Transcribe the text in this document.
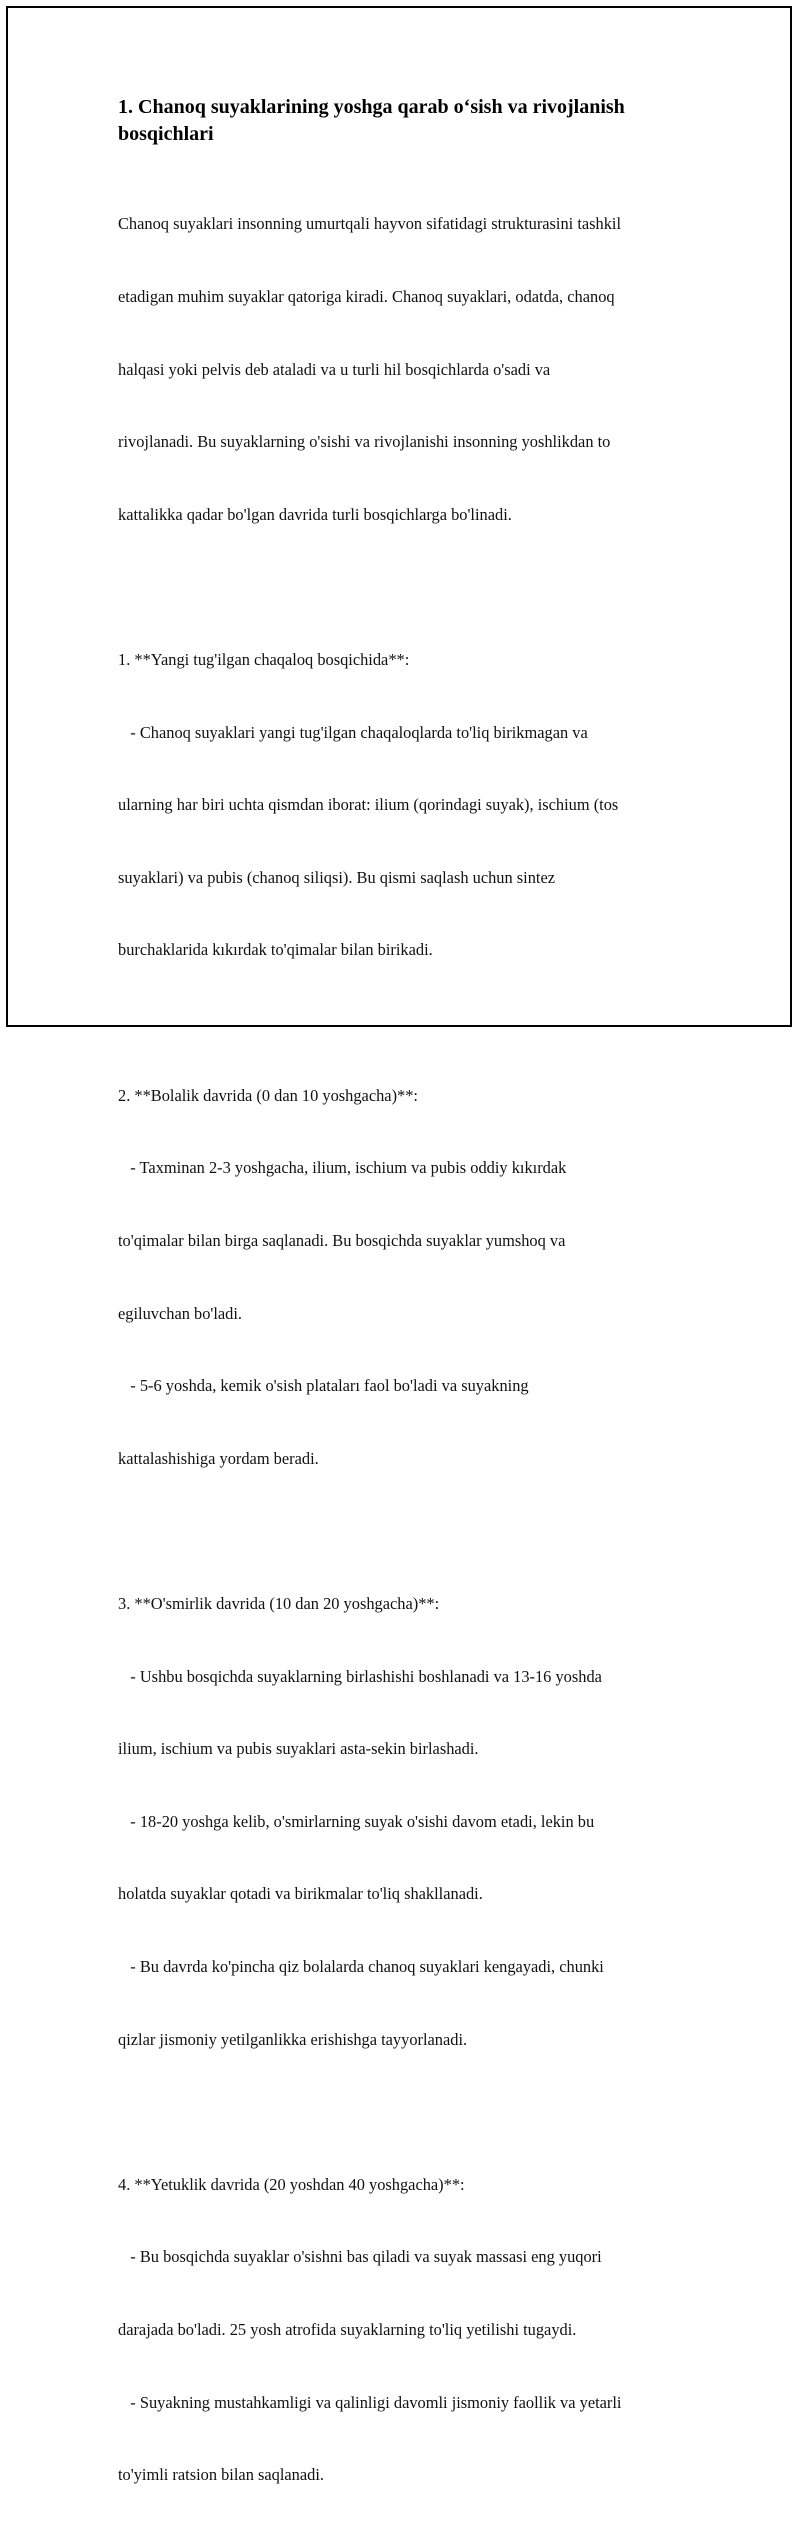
1. Chanoq suyaklarining yoshga qarab o‘sish va rivojlanish bosqichlari

Chanoq suyaklari insonning umurtqali hayvon sifatidagi strukturasini tashkil

etadigan muhim suyaklar qatoriga kiradi. Chanoq suyaklari, odatda, chanoq

halqasi yoki pelvis deb ataladi va u turli hil bosqichlarda o'sadi va

rivojlanadi. Bu suyaklarning o'sishi va rivojlanishi insonning yoshlikdan to

kattalikka qadar bo'lgan davrida turli bosqichlarga bo'linadi.

1. **Yangi tug'ilgan chaqaloq bosqichida**:

- Chanoq suyaklari yangi tug'ilgan chaqaloqlarda to'liq birikmagan va

ularning har biri uchta qismdan iborat: ilium (qorindagi suyak), ischium (tos

suyaklari) va pubis (chanoq siliqsi). Bu qismi saqlash uchun sintez

burchaklarida kıkırdak to'qimalar bilan birikadi.

2. **Bolalik davrida (0 dan 10 yoshgacha)**:

- Taxminan 2-3 yoshgacha, ilium, ischium va pubis oddiy kıkırdak

to'qimalar bilan birga saqlanadi. Bu bosqichda suyaklar yumshoq va

egiluvchan bo'ladi.

- 5-6 yoshda, kemik o'sish plataları faol bo'ladi va suyakning

kattalashishiga yordam beradi.

3. **O'smirlik davrida (10 dan 20 yoshgacha)**:

- Ushbu bosqichda suyaklarning birlashishi boshlanadi va 13-16 yoshda

ilium, ischium va pubis suyaklari asta-sekin birlashadi.

- 18-20 yoshga kelib, o'smirlarning suyak o'sishi davom etadi, lekin bu

holatda suyaklar qotadi va birikmalar to'liq shakllanadi.

- Bu davrda ko'pincha qiz bolalarda chanoq suyaklari kengayadi, chunki

qizlar jismoniy yetilganlikka erishishga tayyorlanadi.

4. **Yetuklik davrida (20 yoshdan 40 yoshgacha)**:

- Bu bosqichda suyaklar o'sishni bas qiladi va suyak massasi eng yuqori

darajada bo'ladi. 25 yosh atrofida suyaklarning to'liq yetilishi tugaydi.

- Suyakning mustahkamligi va qalinligi davomli jismoniy faollik va yetarli

to'yimli ratsion bilan saqlanadi.
